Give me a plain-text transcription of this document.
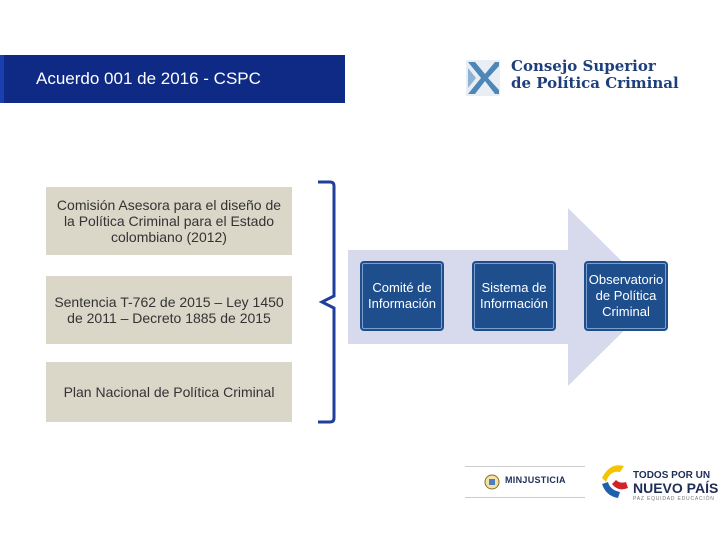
Acuerdo 001 de 2016 - CSPC
Consejo Superior
de Política Criminal
Comisión Asesora para el diseño de la Política Criminal para el Estado colombiano (2012)
Sentencia T-762 de 2015 – Ley 1450 de 2011 – Decreto 1885 de 2015
Plan Nacional de Política Criminal
Comité de Información
Sistema de Información
Observatorio de Política Criminal
MINJUSTICIA	TODOS POR UN
NUEVO PAÍS
PAZ EQUIDAD EDUCACIÓN
